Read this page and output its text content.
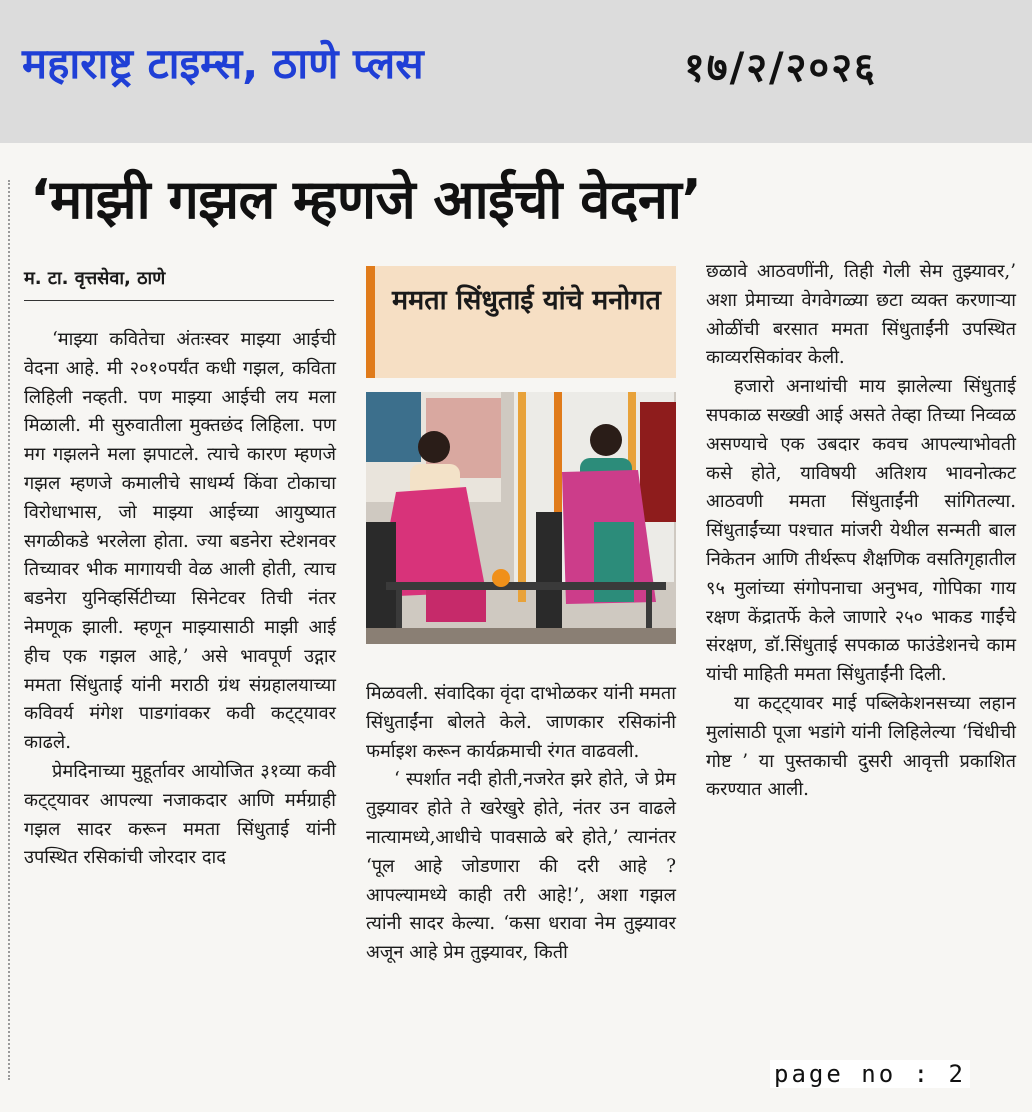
महाराष्ट्र टाइम्स, ठाणे प्लस	१७/२/२०२६
‘माझी गझल म्हणजे आईची वेदना’
म. टा. वृत्तसेवा, ठाणे

‘माझ्या कवितेचा अंतःस्वर माझ्या आईची वेदना आहे. मी २०१०पर्यंत कधी गझल, कविता लिहिली नव्हती. पण माझ्या आईची लय मला मिळाली. मी सुरुवातीला मुक्तछंद लिहिला. पण मग गझलने मला झपाटले. त्याचे कारण म्हणजे गझल म्हणजे कमालीचे साधर्म्य किंवा टोकाचा विरोधाभास, जो माझ्या आईच्या आयुष्यात सगळीकडे भरलेला होता. ज्या बडनेरा स्टेशनवर तिच्यावर भीक मागायची वेळ आली होती, त्याच बडनेरा युनिव्हर्सिटीच्या सिनेटवर तिची नंतर नेमणूक झाली. म्हणून माझ्यासाठी माझी आई हीच एक गझल आहे,’ असे भावपूर्ण उद्गार ममता सिंधुताई यांनी मराठी ग्रंथ संग्रहालयाच्या कविवर्य मंगेश पाडगांवकर कवी कट्ट्यावर काढले.

प्रेमदिनाच्या मुहूर्तावर आयोजित ३१व्या कवी कट्ट्यावर आपल्या नजाकदार आणि मर्मग्राही गझल सादर करून ममता सिंधुताई यांनी उपस्थित रसिकांची जोरदार दाद

ममता सिंधुताई यांचे मनोगत

मिळवली. संवादिका वृंदा दाभोळकर यांनी ममता सिंधुताईंना बोलते केले. जाणकार रसिकांनी फर्माइश करून कार्यक्रमाची रंगत वाढवली.

‘ स्पर्शात नदी होती,नजरेत झरे होते, जे प्रेम तुझ्यावर होते ते खरेखुरे होते, नंतर उन वाढले नात्यामध्ये,आधीचे पावसाळे बरे होते,’ त्यानंतर ‘पूल आहे जोडणारा की दरी आहे ? आपल्यामध्ये काही तरी आहे!’, अशा गझल त्यांनी सादर केल्या. ‘कसा धरावा नेम तुझ्यावर अजून आहे प्रेम तुझ्यावर, किती

छळावे आठवणींनी, तिही गेली सेम तुझ्यावर,’ अशा प्रेमाच्या वेगवेगळ्या छटा व्यक्त करणाऱ्या ओळींची बरसात ममता सिंधुताईंनी उपस्थित काव्यरसिकांवर केली.

हजारो अनाथांची माय झालेल्या सिंधुताई सपकाळ सख्खी आई असते तेव्हा तिच्या निव्वळ असण्याचे एक उबदार कवच आपल्याभोवती कसे होते, याविषयी अतिशय भावनोत्कट आठवणी ममता सिंधुताईंनी सांगितल्या. सिंधुताईंच्या पश्चात मांजरी येथील सन्मती बाल निकेतन आणि तीर्थरूप शैक्षणिक वसतिगृहातील ९५ मुलांच्या संगोपनाचा अनुभव, गोपिका गाय रक्षण केंद्रातर्फे केले जाणारे २५० भाकड गाईंचे संरक्षण, डॉ.सिंधुताई सपकाळ फाउंडेशनचे काम यांची माहिती ममता सिंधुताईंनी दिली.

या कट्ट्यावर माई पब्लिकेशनसच्या लहान मुलांसाठी पूजा भडांगे यांनी लिहिलेल्या ‘चिंधीची गोष्ट ’ या पुस्तकाची दुसरी आवृत्ती प्रकाशित करण्यात आली.

page no : 2
